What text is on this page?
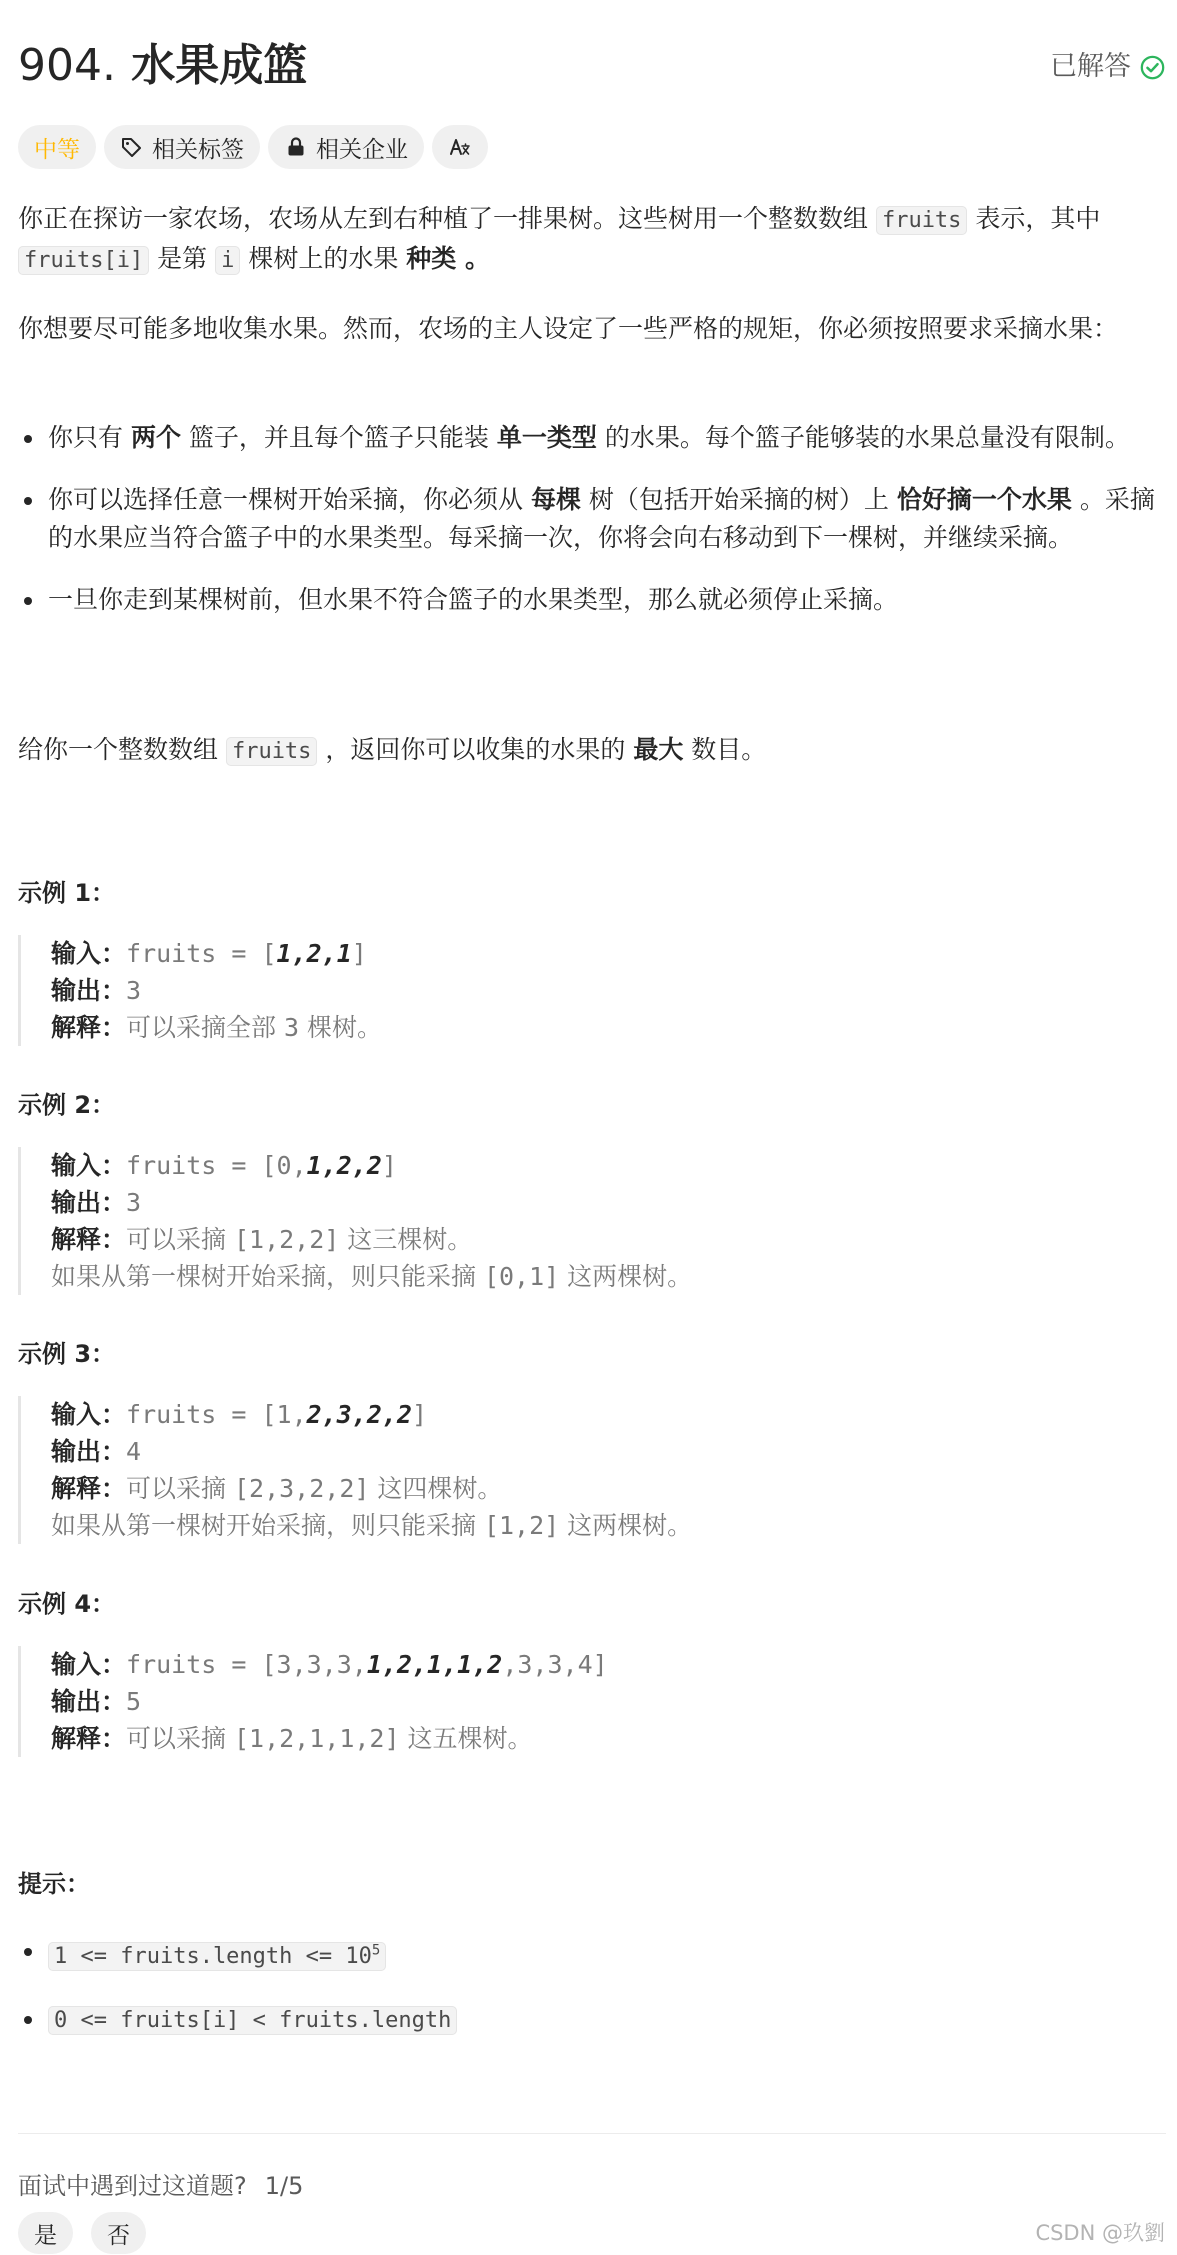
904. 水果成篮	已解答
中等	相关标签	相关企业
你正在探访一家农场，农场从左到右种植了一排果树。这些树用一个整数数组 fruits 表示，其中
fruits[i] 是第 i 棵树上的水果 种类 。
你想要尽可能多地收集水果。然而，农场的主人设定了一些严格的规矩，你必须按照要求采摘水果：
你只有 两个 篮子，并且每个篮子只能装 单一类型 的水果。每个篮子能够装的水果总量没有限制。
你可以选择任意一棵树开始采摘，你必须从 每棵 树（包括开始采摘的树）上 恰好摘一个水果 。采摘的水果应当符合篮子中的水果类型。每采摘一次，你将会向右移动到下一棵树，并继续采摘。
一旦你走到某棵树前，但水果不符合篮子的水果类型，那么就必须停止采摘。
给你一个整数数组 fruits ，返回你可以收集的水果的 最大 数目。
示例 1：
输入：fruits = [1,2,1]
输出：3
解释：可以采摘全部 3 棵树。
示例 2：
输入：fruits = [0,1,2,2]
输出：3
解释：可以采摘 [1,2,2] 这三棵树。
如果从第一棵树开始采摘，则只能采摘 [0,1] 这两棵树。
示例 3：
输入：fruits = [1,2,3,2,2]
输出：4
解释：可以采摘 [2,3,2,2] 这四棵树。
如果从第一棵树开始采摘，则只能采摘 [1,2] 这两棵树。
示例 4：
输入：fruits = [3,3,3,1,2,1,1,2,3,3,4]
输出：5
解释：可以采摘 [1,2,1,1,2] 这五棵树。
提示：
1 <= fruits.length <= $10^5$
0 <= fruits[i] < fruits.length
面试中遇到过这道题? 1/5
是	否	CSDN @玖劉
